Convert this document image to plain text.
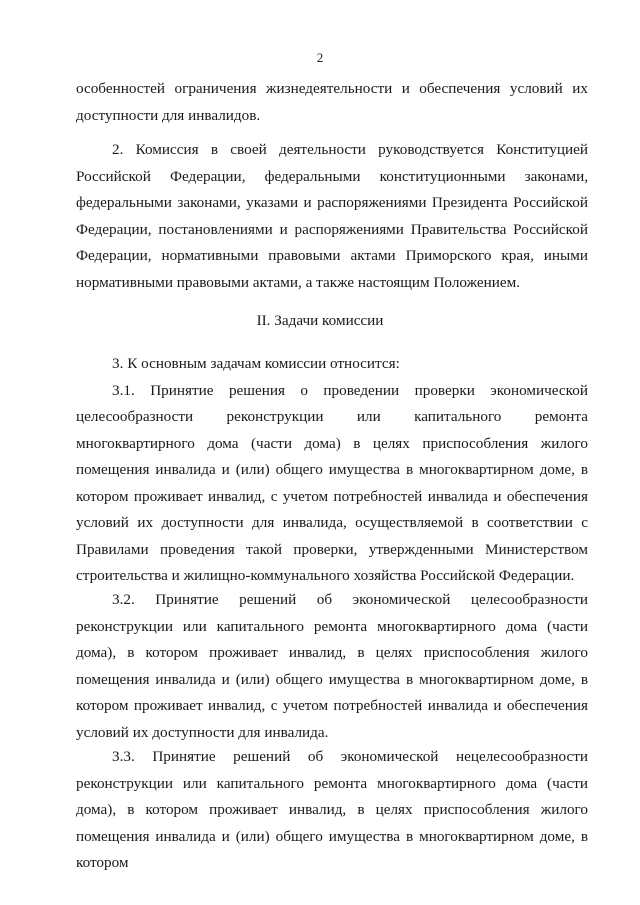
2

особенностей ограничения жизнедеятельности и обеспечения условий их доступности для инвалидов.

2. Комиссия в своей деятельности руководствуется Конституцией Российской Федерации, федеральными конституционными законами, федеральными законами, указами и распоряжениями Президента Российской Федерации, постановлениями и распоряжениями Правительства Российской Федерации, нормативными правовыми актами Приморского края, иными нормативными правовыми актами, а также настоящим Положением.

II. Задачи комиссии

3. К основным задачам комиссии относится:

3.1. Принятие решения о проведении проверки экономической целесообразности реконструкции или капитального ремонта многоквартирного дома (части дома) в целях приспособления жилого помещения инвалида и (или) общего имущества в многоквартирном доме, в котором проживает инвалид, с учетом потребностей инвалида и обеспечения условий их доступности для инвалида, осуществляемой в соответствии с Правилами проведения такой проверки, утвержденными Министерством строительства и жилищно-коммунального хозяйства Российской Федерации.

3.2. Принятие решений об экономической целесообразности реконструкции или капитального ремонта многоквартирного дома (части дома), в котором проживает инвалид, в целях приспособления жилого помещения инвалида и (или) общего имущества в многоквартирном доме, в котором проживает инвалид, с учетом потребностей инвалида и обеспечения условий их доступности для инвалида.

3.3. Принятие решений об экономической нецелесообразности реконструкции или капитального ремонта многоквартирного дома (части дома), в котором проживает инвалид, в целях приспособления жилого помещения инвалида и (или) общего имущества в многоквартирном доме, в котором
